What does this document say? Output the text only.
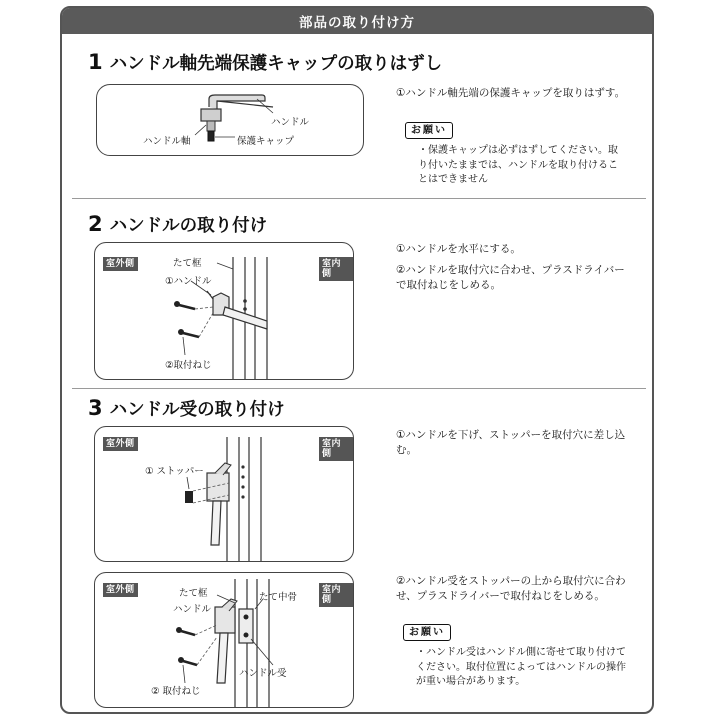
部品の取り付け方
1 ハンドル軸先端保護キャップの取りはずし
ハンドル
ハンドル軸	保護キャップ
①ハンドル軸先端の保護キャップを取りはずす。
お願い
・保護キャップは必ずはずしてください。取り付いたままでは、ハンドルを取り付けることはできません
2 ハンドルの取り付け
室外側	室内側
たて框
①ハンドル
②取付ねじ
①ハンドルを水平にする。
②ハンドルを取付穴に合わせ、プラスドライバーで取付ねじをしめる。
3 ハンドル受の取り付け
室外側	室内側
① ストッパー
①ハンドルを下げ、ストッパーを取付穴に差し込む。
室外側	室内側
たて框	たて中骨
ハンドル
ハンドル受
② 取付ねじ
②ハンドル受をストッパーの上から取付穴に合わせ、プラスドライバーで取付ねじをしめる。
お願い
・ハンドル受はハンドル側に寄せて取り付けてください。取付位置によってはハンドルの操作が重い場合があります。
